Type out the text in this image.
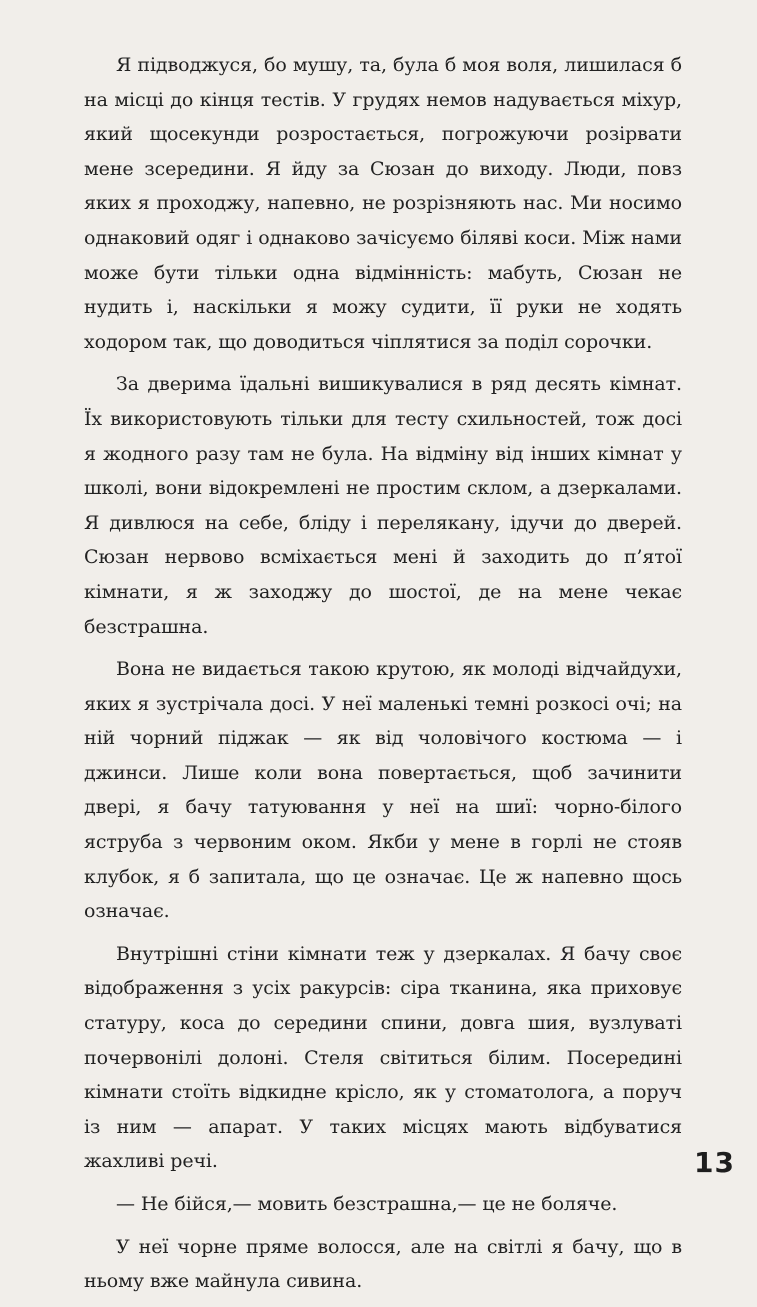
Я підводжуся, бо мушу, та, була б моя воля, лишилася б на місці до кінця тестів. У грудях немов надувається міхур, який щосекунди розростається, погрожуючи розірвати мене зсередини. Я йду за Сюзан до виходу. Люди, повз яких я проходжу, напевно, не розрізняють нас. Ми носимо однаковий одяг і однаково зачісуємо біляві коси. Між нами може бути тільки одна відмінність: мабуть, Сюзан не нудить і, наскільки я можу судити, її руки не ходять ходором так, що доводиться чіплятися за поділ сорочки.

За дверима їдальні вишикувалися в ряд десять кімнат. Їх використовують тільки для тесту схильностей, тож досі я жодного разу там не була. На відміну від інших кімнат у школі, вони відокремлені не простим склом, а дзеркалами. Я дивлюся на себе, бліду і перелякану, ідучи до дверей. Сюзан нервово всміхається мені й заходить до п’ятої кімнати, я ж заходжу до шостої, де на мене чекає безстрашна.

Вона не видається такою крутою, як молоді відчайдухи, яких я зустрічала досі. У неї маленькі темні розкосі очі; на ній чорний піджак — як від чоловічого костюма — і джинси. Лише коли вона повертається, щоб зачинити двері, я бачу татуювання у неї на шиї: чорно-білого яструба з червоним оком. Якби у мене в горлі не стояв клубок, я б запитала, що це означає. Це ж напевно щось означає.

Внутрішні стіни кімнати теж у дзеркалах. Я бачу своє відображення з усіх ракурсів: сіра тканина, яка приховує статуру, коса до середини спини, довга шия, вузлуваті почервонілі долоні. Стеля світиться білим. Посередині кімнати стоїть відкидне крісло, як у стоматолога, а поруч із ним — апарат. У таких місцях мають відбуватися жахливі речі.

— Не бійся,— мовить безстрашна,— це не боляче.

У неї чорне пряме волосся, але на світлі я бачу, що в ньому вже майнула сивина.

13
